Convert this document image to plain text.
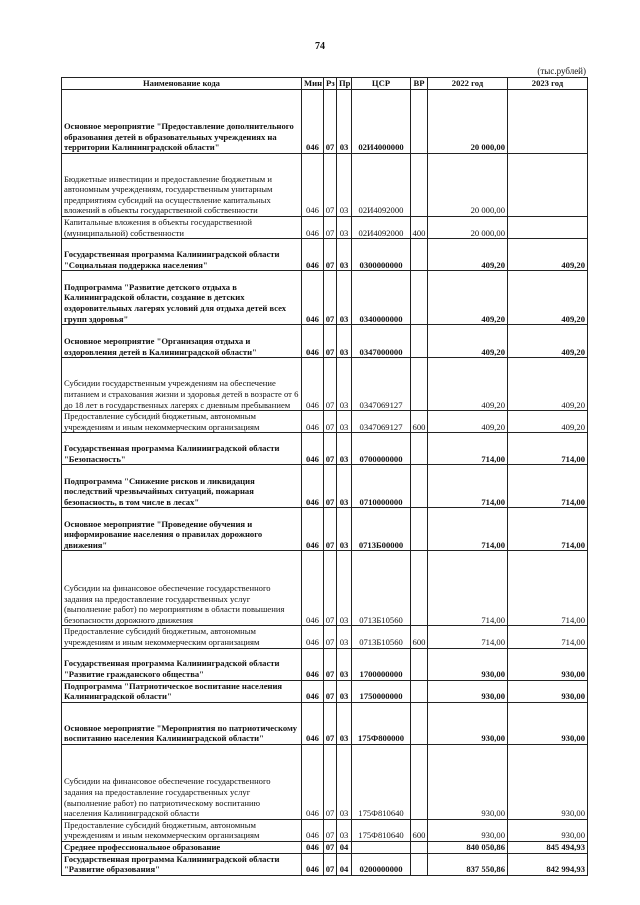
74
(тыс.рублей)
Наименование кода	Мин	Рз	Пр	ЦСР	ВР	2022 год	2023 год
Основное мероприятие "Предоставление дополнительного образования детей в образовательных учреждениях на территории Калининградской области"	046	07	03	02И4000000		20 000,00	
Бюджетные инвестиции и предоставление бюджетным и автономным учреждениям, государственным унитарным предприятиям субсидий на осуществление капитальных вложений в объекты государственной собственности	046	07	03	02И4092000		20 000,00	
Капитальные вложения в объекты государственной (муниципальной) собственности	046	07	03	02И4092000	400	20 000,00	
Государственная программа Калининградской области "Социальная поддержка населения"	046	07	03	0300000000		409,20	409,20
Подпрограмма "Развитие детского отдыха в Калининградской области, создание в детских оздоровительных лагерях условий для отдыха детей всех групп здоровья"	046	07	03	0340000000		409,20	409,20
Основное мероприятие "Организация отдыха и оздоровления детей в Калининградской области"	046	07	03	0347000000		409,20	409,20
Субсидии государственным учреждениям на обеспечение питанием и страхования жизни и здоровья детей в возрасте от 6 до 18 лет в государственных лагерях с дневным пребыванием	046	07	03	0347069127		409,20	409,20
Предоставление субсидий бюджетным, автономным учреждениям и иным некоммерческим организациям	046	07	03	0347069127	600	409,20	409,20
Государственная программа Калининградской области "Безопасность"	046	07	03	0700000000		714,00	714,00
Подпрограмма "Снижение рисков и ликвидация последствий чрезвычайных ситуаций, пожарная безопасность, в том числе в лесах"	046	07	03	0710000000		714,00	714,00
Основное мероприятие "Проведение обучения и информирование населения о правилах дорожного движения"	046	07	03	0713Б00000		714,00	714,00
Субсидии на финансовое обеспечение государственного задания на предоставление государственных услуг (выполнение работ) по мероприятиям в области повышения безопасности дорожного движения	046	07	03	0713Б10560		714,00	714,00
Предоставление субсидий бюджетным, автономным учреждениям и иным некоммерческим организациям	046	07	03	0713Б10560	600	714,00	714,00
Государственная программа Калининградской области "Развитие гражданского общества"	046	07	03	1700000000		930,00	930,00
Подпрограмма "Патриотическое воспитание населения Калининградской области"	046	07	03	1750000000		930,00	930,00
Основное мероприятие "Мероприятия по патриотическому воспитанию населения Калининградской области"	046	07	03	175Ф800000		930,00	930,00
Субсидии на финансовое обеспечение государственного задания на предоставление государственных услуг (выполнение работ) по патриотическому воспитанию населения Калининградской области	046	07	03	175Ф810640		930,00	930,00
Предоставление субсидий бюджетным, автономным учреждениям и иным некоммерческим организациям	046	07	03	175Ф810640	600	930,00	930,00
Среднее профессиональное образование	046	07	04			840 050,86	845 494,93
Государственная программа Калининградской области "Развитие образования"	046	07	04	0200000000		837 550,86	842 994,93
